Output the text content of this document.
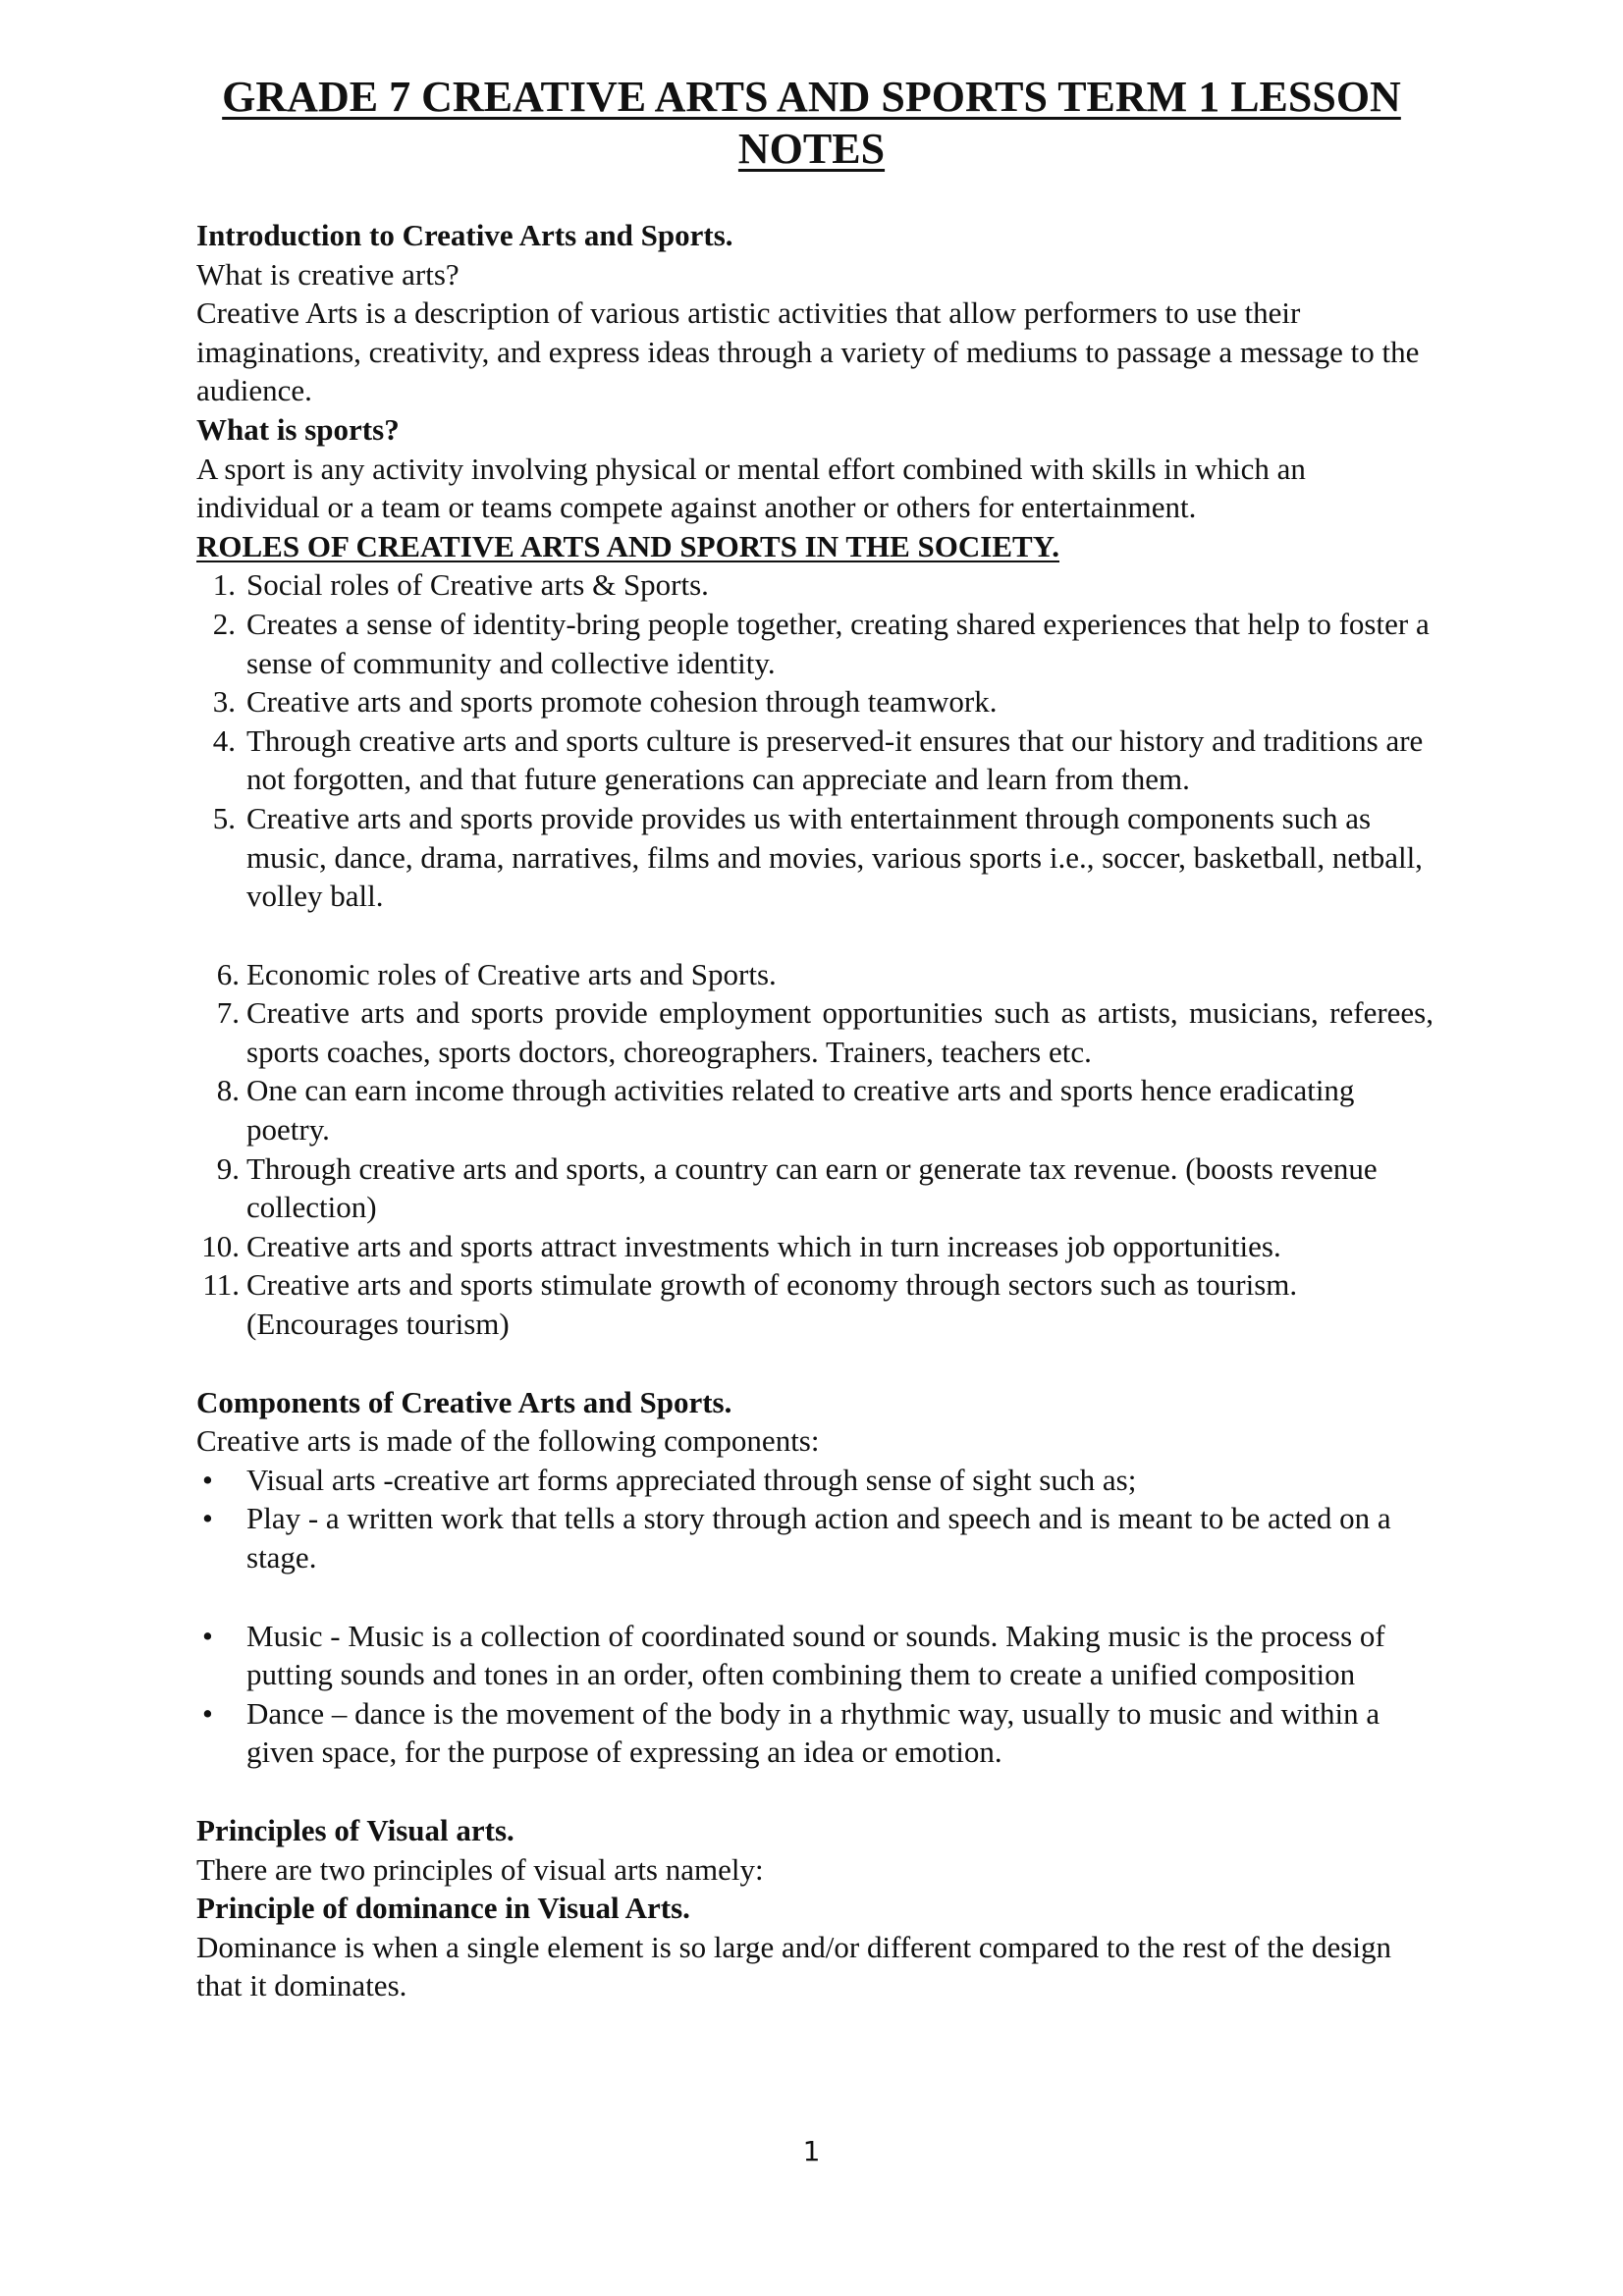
GRADE 7 CREATIVE ARTS AND SPORTS TERM 1 LESSON
NOTES

Introduction to Creative Arts and Sports.

What is creative arts?

Creative Arts is a description of various artistic activities that allow performers to use their imaginations, creativity, and express ideas through a variety of mediums to passage a message to the audience.

What is sports?

A sport is any activity involving physical or mental effort combined with skills in which an individual or a team or teams compete against another or others for entertainment.

ROLES OF CREATIVE ARTS AND SPORTS IN THE SOCIETY.

1. Social roles of Creative arts & Sports.
2. Creates a sense of identity-bring people together, creating shared experiences that help to foster a sense of community and collective identity.
3. Creative arts and sports promote cohesion through teamwork.
4. Through creative arts and sports culture is preserved-it ensures that our history and traditions are not forgotten, and that future generations can appreciate and learn from them.
5. Creative arts and sports provide provides us with entertainment through components such as music, dance, drama, narratives, films and movies, various sports i.e., soccer, basketball, netball, volley ball.
6. Economic roles of Creative arts and Sports.
7. Creative arts and sports provide employment opportunities such as artists, musicians, referees, sports coaches, sports doctors, choreographers. Trainers, teachers etc.
8. One can earn income through activities related to creative arts and sports hence eradicating poetry.
9. Through creative arts and sports, a country can earn or generate tax revenue. (boosts revenue collection)
10. Creative arts and sports attract investments which in turn increases job opportunities.
11. Creative arts and sports stimulate growth of economy through sectors such as tourism. (Encourages tourism)

Components of Creative Arts and Sports.

Creative arts is made of the following components:

• Visual arts -creative art forms appreciated through sense of sight such as;
• Play - a written work that tells a story through action and speech and is meant to be acted on a stage.
• Music - Music is a collection of coordinated sound or sounds. Making music is the process of putting sounds and tones in an order, often combining them to create a unified composition
• Dance – dance is the movement of the body in a rhythmic way, usually to music and within a given space, for the purpose of expressing an idea or emotion.

Principles of Visual arts.

There are two principles of visual arts namely:

Principle of dominance in Visual Arts.

Dominance is when a single element is so large and/or different compared to the rest of the design that it dominates.

1
